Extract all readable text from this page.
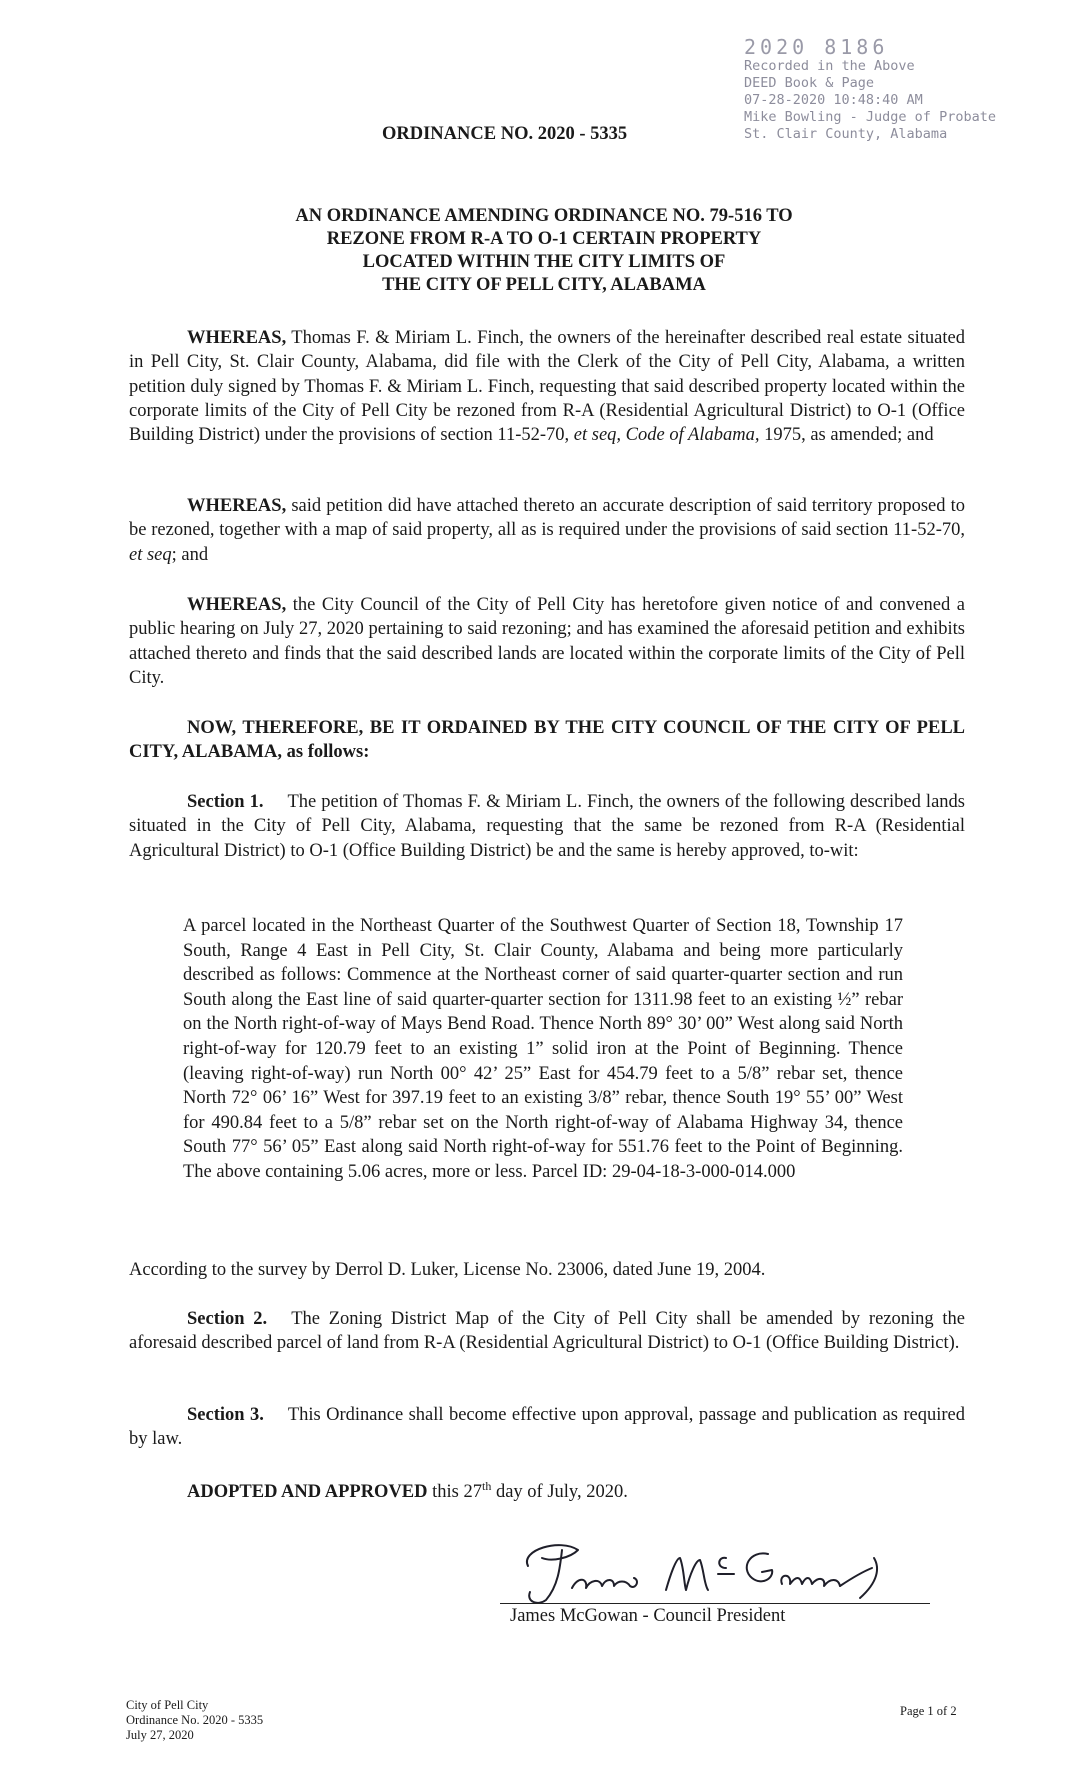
2020 8186
Recorded in the Above
DEED Book & Page
07-28-2020 10:48:40 AM
Mike Bowling - Judge of Probate
St. Clair County, Alabama
ORDINANCE NO. 2020 - 5335
AN ORDINANCE AMENDING ORDINANCE NO. 79-516 TO
REZONE FROM R-A TO O-1 CERTAIN PROPERTY
LOCATED WITHIN THE CITY LIMITS OF
THE CITY OF PELL CITY, ALABAMA
WHEREAS, Thomas F. & Miriam L. Finch, the owners of the hereinafter described real estate situated in Pell City, St. Clair County, Alabama, did file with the Clerk of the City of Pell City, Alabama, a written petition duly signed by Thomas F. & Miriam L. Finch, requesting that said described property located within the corporate limits of the City of Pell City be rezoned from R-A (Residential Agricultural District) to O-1 (Office Building District) under the provisions of section 11-52-70, et seq, Code of Alabama, 1975, as amended; and
WHEREAS, said petition did have attached thereto an accurate description of said territory proposed to be rezoned, together with a map of said property, all as is required under the provisions of said section 11-52-70, et seq; and
WHEREAS, the City Council of the City of Pell City has heretofore given notice of and convened a public hearing on July 27, 2020 pertaining to said rezoning; and has examined the aforesaid petition and exhibits attached thereto and finds that the said described lands are located within the corporate limits of the City of Pell City.
NOW, THEREFORE, BE IT ORDAINED BY THE CITY COUNCIL OF THE CITY OF PELL CITY, ALABAMA, as follows:
Section 1. The petition of Thomas F. & Miriam L. Finch, the owners of the following described lands situated in the City of Pell City, Alabama, requesting that the same be rezoned from R-A (Residential Agricultural District) to O-1 (Office Building District) be and the same is hereby approved, to-wit:
A parcel located in the Northeast Quarter of the Southwest Quarter of Section 18, Township 17 South, Range 4 East in Pell City, St. Clair County, Alabama and being more particularly described as follows: Commence at the Northeast corner of said quarter-quarter section and run South along the East line of said quarter-quarter section for 1311.98 feet to an existing ½” rebar on the North right-of-way of Mays Bend Road. Thence North 89° 30’ 00” West along said North right-of-way for 120.79 feet to an existing 1” solid iron at the Point of Beginning. Thence (leaving right-of-way) run North 00° 42’ 25” East for 454.79 feet to a 5/8” rebar set, thence North 72° 06’ 16” West for 397.19 feet to an existing 3/8” rebar, thence South 19° 55’ 00” West for 490.84 feet to a 5/8” rebar set on the North right-of-way of Alabama Highway 34, thence South 77° 56’ 05” East along said North right-of-way for 551.76 feet to the Point of Beginning. The above containing 5.06 acres, more or less. Parcel ID: 29-04-18-3-000-014.000
According to the survey by Derrol D. Luker, License No. 23006, dated June 19, 2004.
Section 2. The Zoning District Map of the City of Pell City shall be amended by rezoning the aforesaid described parcel of land from R-A (Residential Agricultural District) to O-1 (Office Building District).
Section 3. This Ordinance shall become effective upon approval, passage and publication as required by law.
ADOPTED AND APPROVED this 27th day of July, 2020.
James McGowan - Council President
City of Pell City
Ordinance No. 2020 - 5335
July 27, 2020
Page 1 of 2
